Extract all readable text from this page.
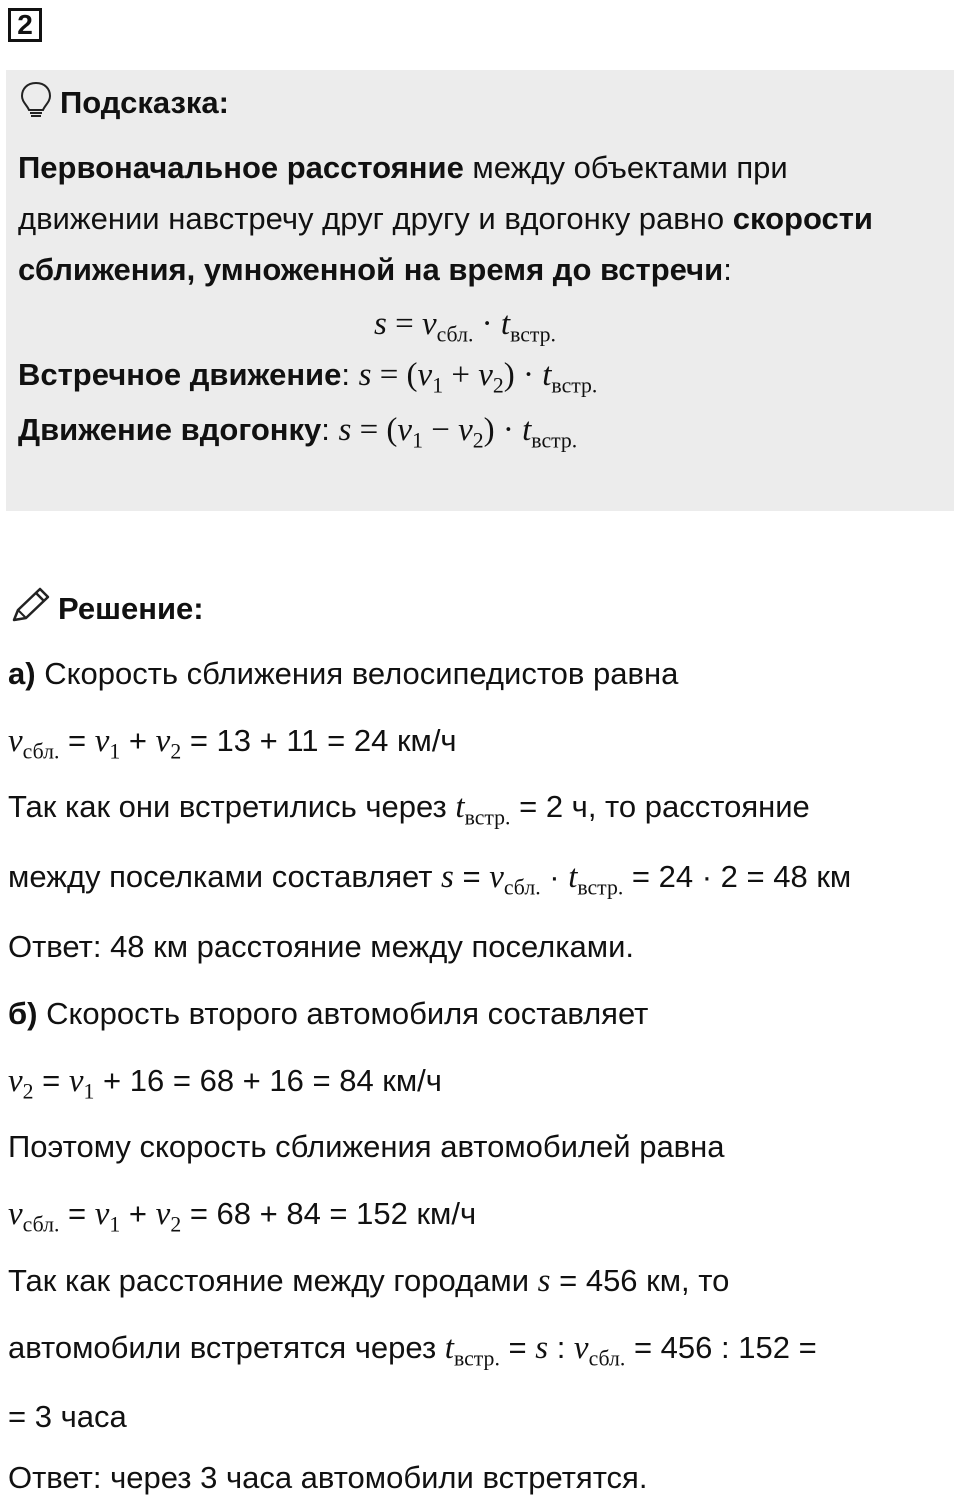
2
Подсказка:
Первоначальное расстояние между объектами при
движении навстречу друг другу и вдогонку равно скорости
сближения, умноженной на время до встречи:
$s = v_{сбл.} \cdot t_{встр.}$
Встречное движение: $s = (v_1 + v_2) \cdot t_{встр.}$
Движение вдогонку: $s = (v_1 - v_2) \cdot t_{встр.}$
Решение:
а) Скорость сближения велосипедистов равна
$v_{сбл.} = v_1 + v_2 = 13 + 11 = 24$ км/ч
Так как они встретились через $t_{встр.} = 2$ ч, то расстояние
между поселками составляет $s = v_{сбл.} \cdot t_{встр.} = 24 \cdot 2 = 48$ км
Ответ: 48 км расстояние между поселками.
б) Скорость второго автомобиля составляет
$v_2 = v_1 + 16 = 68 + 16 = 84$ км/ч
Поэтому скорость сближения автомобилей равна
$v_{сбл.} = v_1 + v_2 = 68 + 84 = 152$ км/ч
Так как расстояние между городами s = 456 км, то
автомобили встретятся через $t_{встр.} = s$ : $v_{сбл.} = 456$ : 152 =
= 3 часа
Ответ: через 3 часа автомобили встретятся.
